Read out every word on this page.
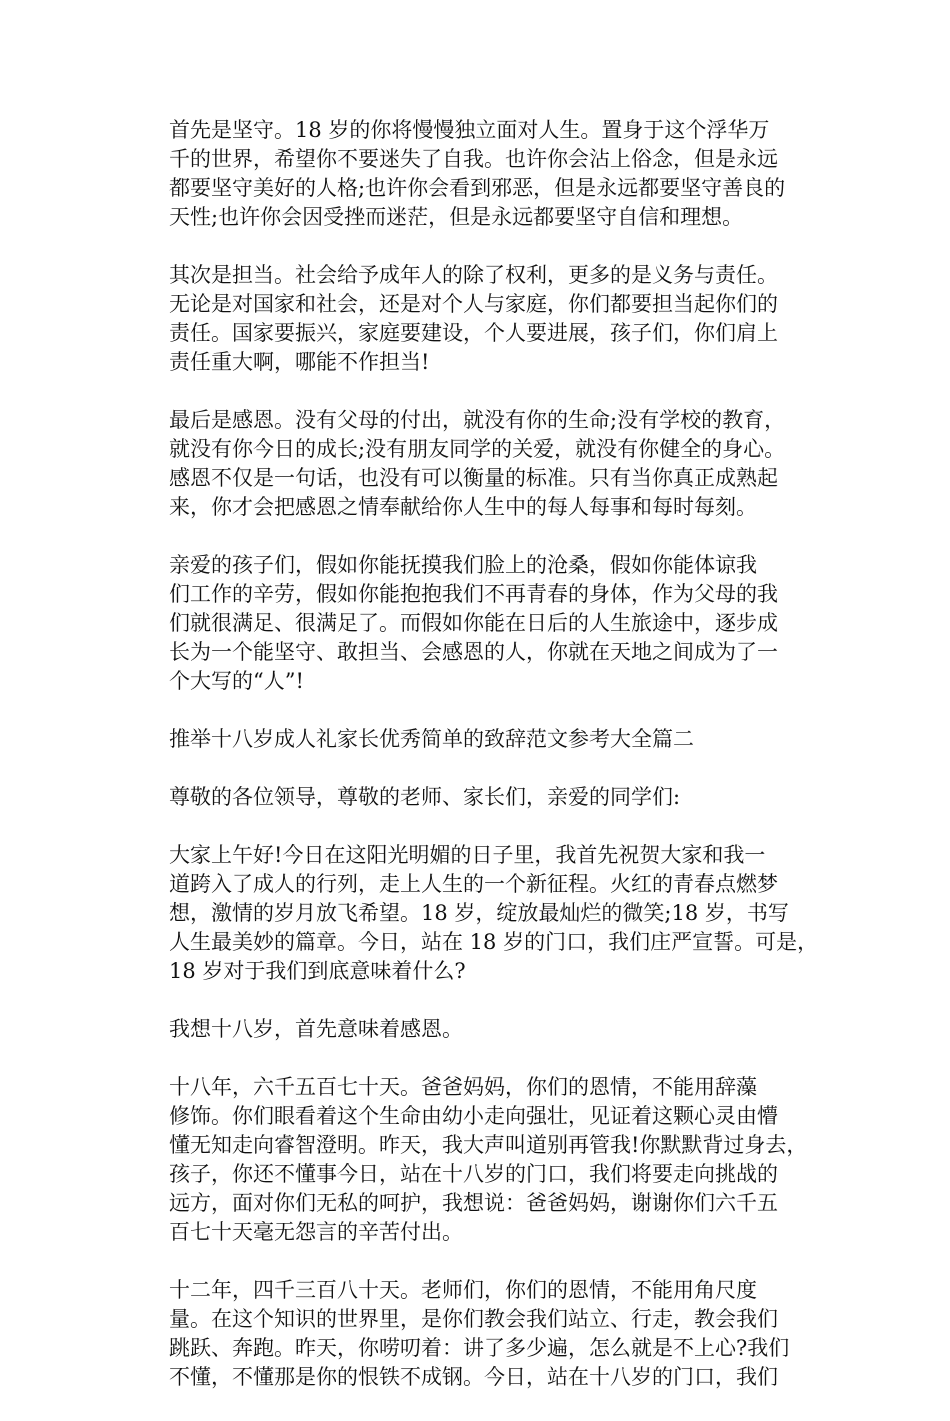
首先是坚守。18 岁的你将慢慢独立面对人生。置身于这个浮华万
千的世界，希望你不要迷失了自我。也许你会沾上俗念，但是永远
都要坚守美好的人格;也许你会看到邪恶，但是永远都要坚守善良的
天性;也许你会因受挫而迷茫，但是永远都要坚守自信和理想。

其次是担当。社会给予成年人的除了权利，更多的是义务与责任。
无论是对国家和社会，还是对个人与家庭，你们都要担当起你们的
责任。国家要振兴，家庭要建设，个人要进展，孩子们，你们肩上
责任重大啊，哪能不作担当!

最后是感恩。没有父母的付出，就没有你的生命;没有学校的教育，
就没有你今日的成长;没有朋友同学的关爱，就没有你健全的身心。
感恩不仅是一句话，也没有可以衡量的标准。只有当你真正成熟起
来，你才会把感恩之情奉献给你人生中的每人每事和每时每刻。

亲爱的孩子们，假如你能抚摸我们脸上的沧桑，假如你能体谅我
们工作的辛劳，假如你能抱抱我们不再青春的身体，作为父母的我
们就很满足、很满足了。而假如你能在日后的人生旅途中，逐步成
长为一个能坚守、敢担当、会感恩的人，你就在天地之间成为了一
个大写的“人”!

推举十八岁成人礼家长优秀简单的致辞范文参考大全篇二

尊敬的各位领导，尊敬的老师、家长们，亲爱的同学们:

大家上午好!今日在这阳光明媚的日子里，我首先祝贺大家和我一
道跨入了成人的行列，走上人生的一个新征程。火红的青春点燃梦
想，激情的岁月放飞希望。18 岁，绽放最灿烂的微笑;18 岁，书写
人生最美妙的篇章。今日，站在 18 岁的门口，我们庄严宣誓。可是，
18 岁对于我们到底意味着什么?

我想十八岁，首先意味着感恩。

十八年，六千五百七十天。爸爸妈妈，你们的恩情，不能用辞藻
修饰。你们眼看着这个生命由幼小走向强壮，见证着这颗心灵由懵
懂无知走向睿智澄明。昨天，我大声叫道别再管我!你默默背过身去，
孩子，你还不懂事今日，站在十八岁的门口，我们将要走向挑战的
远方，面对你们无私的呵护，我想说：爸爸妈妈，谢谢你们六千五
百七十天毫无怨言的辛苦付出。

十二年，四千三百八十天。老师们，你们的恩情，不能用角尺度
量。在这个知识的世界里，是你们教会我们站立、行走，教会我们
跳跃、奔跑。昨天，你唠叨着：讲了多少遍，怎么就是不上心?我们
不懂，不懂那是你的恨铁不成钢。今日，站在十八岁的门口，我们
